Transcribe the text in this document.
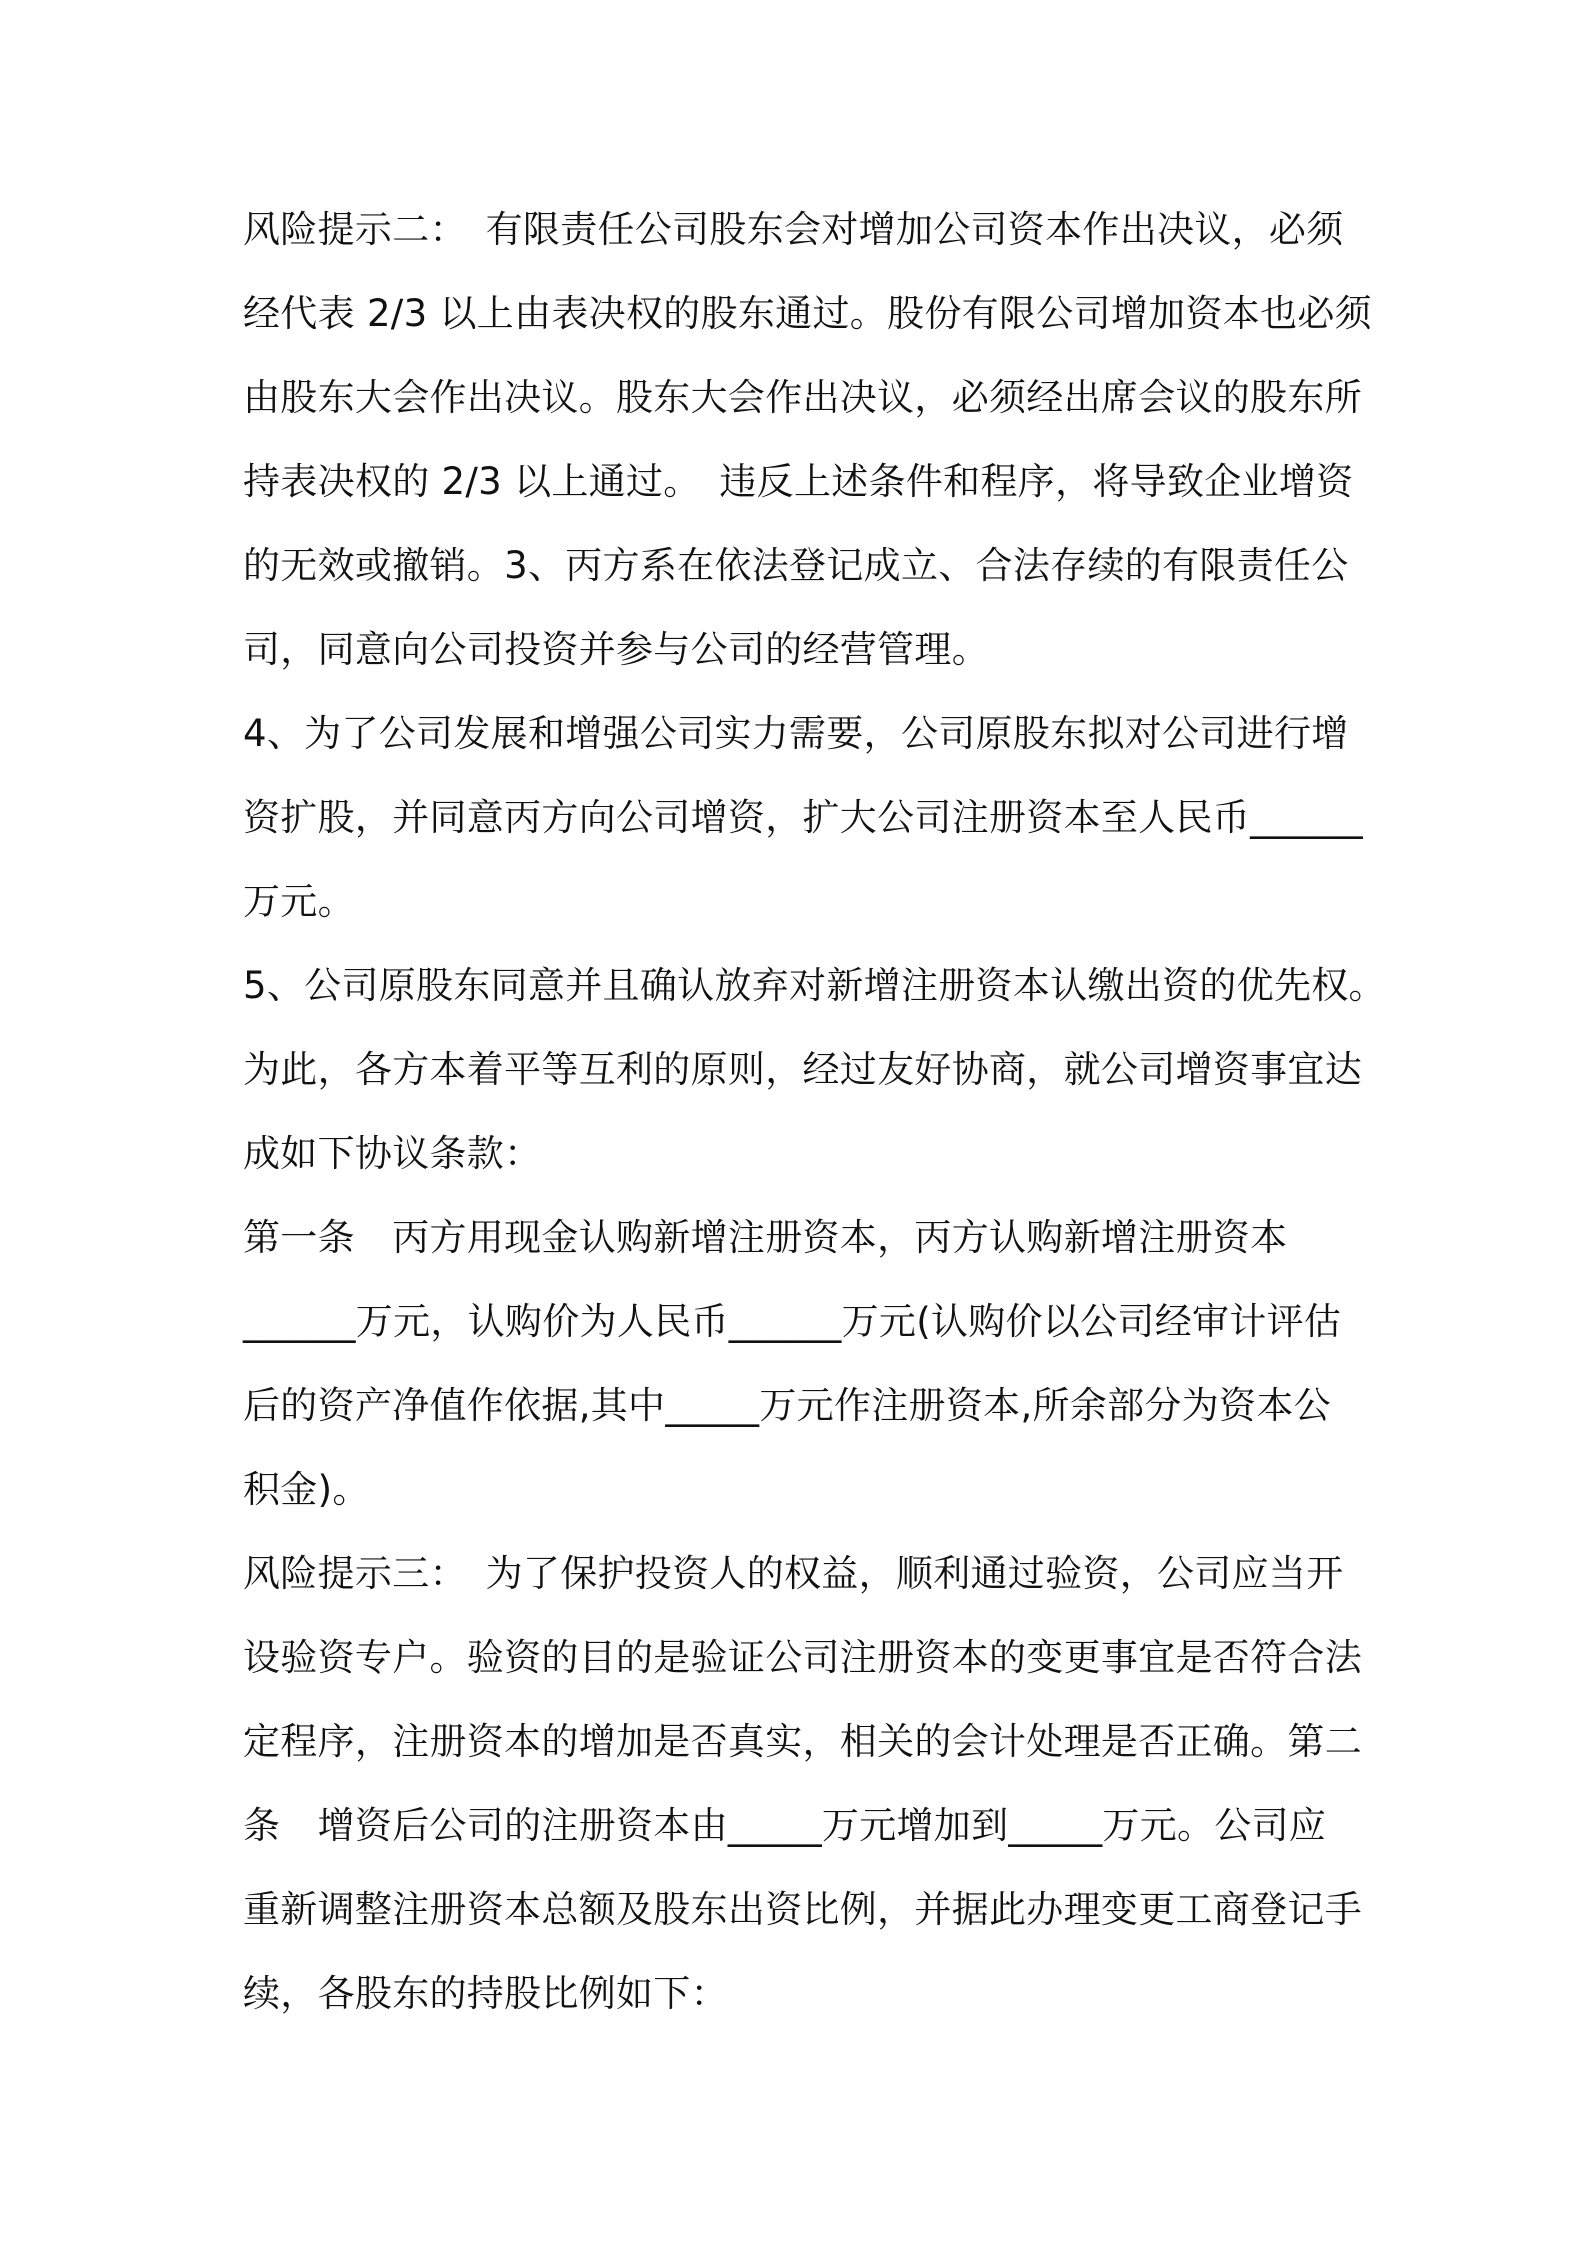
风险提示二：　有限责任公司股东会对增加公司资本作出决议，必须
经代表 2/3 以上由表决权的股东通过。股份有限公司增加资本也必须
由股东大会作出决议。股东大会作出决议，必须经出席会议的股东所
持表决权的 2/3 以上通过。　违反上述条件和程序，将导致企业增资
的无效或撤销。3、丙方系在依法登记成立、合法存续的有限责任公
司，同意向公司投资并参与公司的经营管理。
4、为了公司发展和增强公司实力需要，公司原股东拟对公司进行增
资扩股，并同意丙方向公司增资，扩大公司注册资本至人民币______
万元。
5、公司原股东同意并且确认放弃对新增注册资本认缴出资的优先权。
为此，各方本着平等互利的原则，经过友好协商，就公司增资事宜达
成如下协议条款：
第一条　丙方用现金认购新增注册资本，丙方认购新增注册资本
______万元，认购价为人民币______万元(认购价以公司经审计评估
后的资产净值作依据,其中_____万元作注册资本,所余部分为资本公
积金)。
风险提示三：　为了保护投资人的权益，顺利通过验资，公司应当开
设验资专户。验资的目的是验证公司注册资本的变更事宜是否符合法
定程序，注册资本的增加是否真实，相关的会计处理是否正确。第二
条　增资后公司的注册资本由_____万元增加到_____万元。公司应
重新调整注册资本总额及股东出资比例，并据此办理变更工商登记手
续，各股东的持股比例如下：
